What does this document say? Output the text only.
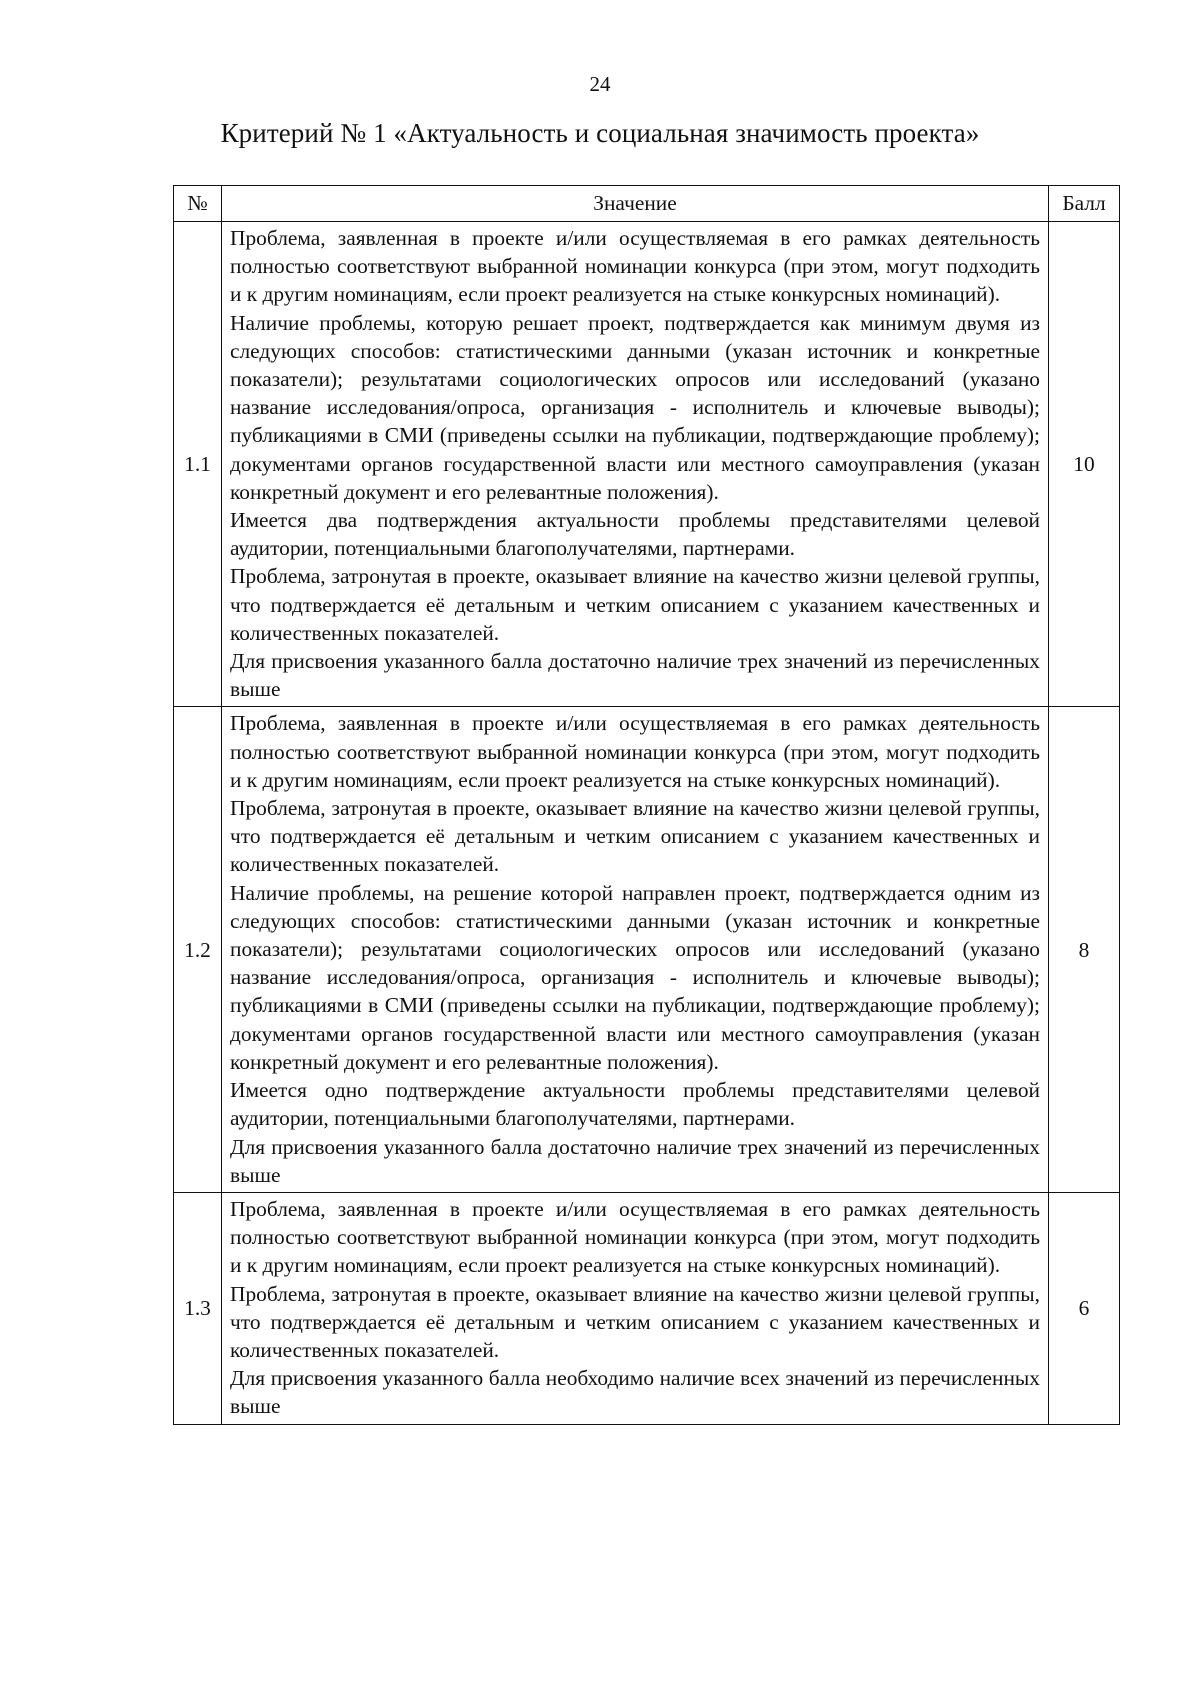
24
Критерий № 1 «Актуальность и социальная значимость проекта»
№	Значение	Балл
1.1	Проблема, заявленная в проекте и/или осуществляемая в его рамках деятельность полностью соответствуют выбранной номинации конкурса (при этом, могут подходить и к другим номинациям, если проект реализуется на стыке конкурсных номинаций).

Наличие проблемы, которую решает проект, подтверждается как минимум двумя из следующих способов: статистическими данными (указан источник и конкретные показатели); результатами социологических опросов или исследований (указано название исследования/опроса, организация - исполнитель и ключевые выводы); публикациями в СМИ (приведены ссылки на публикации, подтверждающие проблему); документами органов государственной власти или местного самоуправления (указан конкретный документ и его релевантные положения).

Имеется два подтверждения актуальности проблемы представителями целевой аудитории, потенциальными благополучателями, партнерами.

Проблема, затронутая в проекте, оказывает влияние на качество жизни целевой группы, что подтверждается её детальным и четким описанием с указанием качественных и количественных показателей.

Для присвоения указанного балла достаточно наличие трех значений из перечисленных выше	10
1.2	Проблема, заявленная в проекте и/или осуществляемая в его рамках деятельность полностью соответствуют выбранной номинации конкурса (при этом, могут подходить и к другим номинациям, если проект реализуется на стыке конкурсных номинаций).

Проблема, затронутая в проекте, оказывает влияние на качество жизни целевой группы, что подтверждается её детальным и четким описанием с указанием качественных и количественных показателей.

Наличие проблемы, на решение которой направлен проект, подтверждается одним из следующих способов: статистическими данными (указан источник и конкретные показатели); результатами социологических опросов или исследований (указано название исследования/опроса, организация - исполнитель и ключевые выводы); публикациями в СМИ (приведены ссылки на публикации, подтверждающие проблему); документами органов государственной власти или местного самоуправления (указан конкретный документ и его релевантные положения).

Имеется одно подтверждение актуальности проблемы представителями целевой аудитории, потенциальными благополучателями, партнерами.

Для присвоения указанного балла достаточно наличие трех значений из перечисленных выше	8
1.3	Проблема, заявленная в проекте и/или осуществляемая в его рамках деятельность полностью соответствуют выбранной номинации конкурса (при этом, могут подходить и к другим номинациям, если проект реализуется на стыке конкурсных номинаций).

Проблема, затронутая в проекте, оказывает влияние на качество жизни целевой группы, что подтверждается её детальным и четким описанием с указанием качественных и количественных показателей.

Для присвоения указанного балла необходимо наличие всех значений из перечисленных выше	6
